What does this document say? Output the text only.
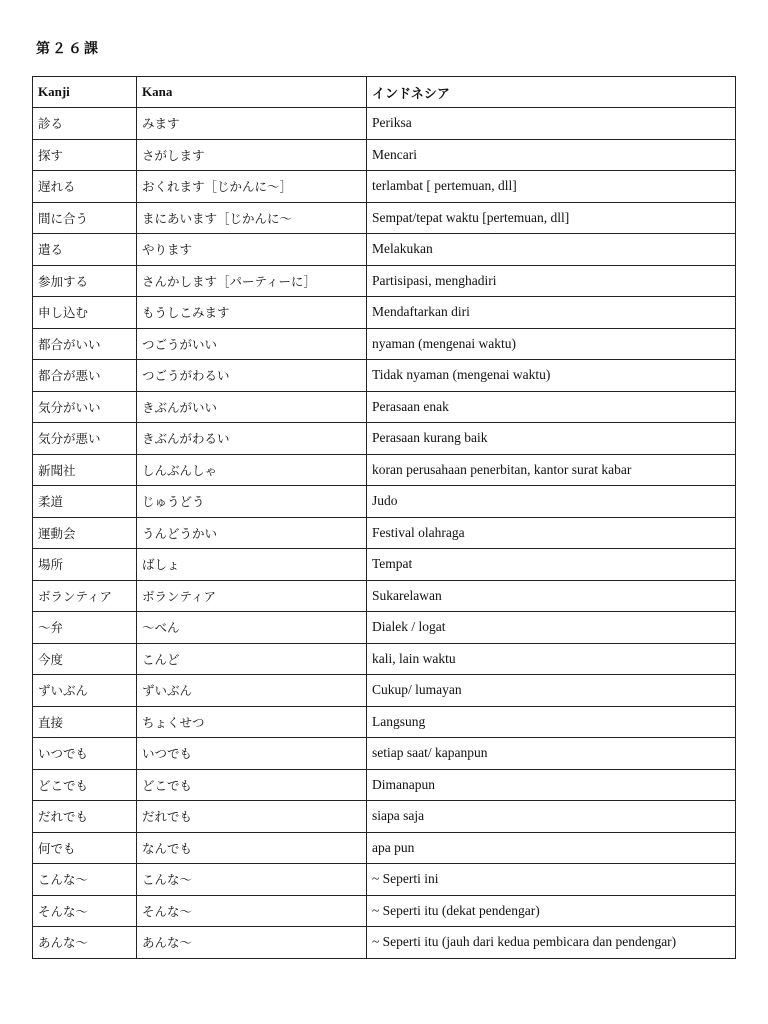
第２６課
Kanji	Kana	インドネシア
診る	みます	Periksa
探す	さがします	Mencari
遅れる	おくれます［じかんに～］	terlambat [ pertemuan, dll]
間に合う	まにあいます［じかんに～	Sempat/tepat waktu [pertemuan, dll]
遣る	やります	Melakukan
参加する	さんかします［パーティーに］	Partisipasi, menghadiri
申し込む	もうしこみます	Mendaftarkan diri
都合がいい	つごうがいい	nyaman (mengenai waktu)
都合が悪い	つごうがわるい	Tidak nyaman (mengenai waktu)
気分がいい	きぶんがいい	Perasaan enak
気分が悪い	きぶんがわるい	Perasaan kurang baik
新聞社	しんぶんしゃ	koran perusahaan penerbitan, kantor surat kabar
柔道	じゅうどう	Judo
運動会	うんどうかい	Festival olahraga
場所	ばしょ	Tempat
ボランティア	ボランティア	Sukarelawan
～弁	～べん	Dialek / logat
今度	こんど	kali, lain waktu
ずいぶん	ずいぶん	Cukup/ lumayan
直接	ちょくせつ	Langsung
いつでも	いつでも	setiap saat/ kapanpun
どこでも	どこでも	Dimanapun
だれでも	だれでも	siapa saja
何でも	なんでも	apa pun
こんな～	こんな～	~ Seperti ini
そんな～	そんな～	~ Seperti itu (dekat pendengar)
あんな～	あんな～	~ Seperti itu (jauh dari kedua pembicara dan pendengar)
